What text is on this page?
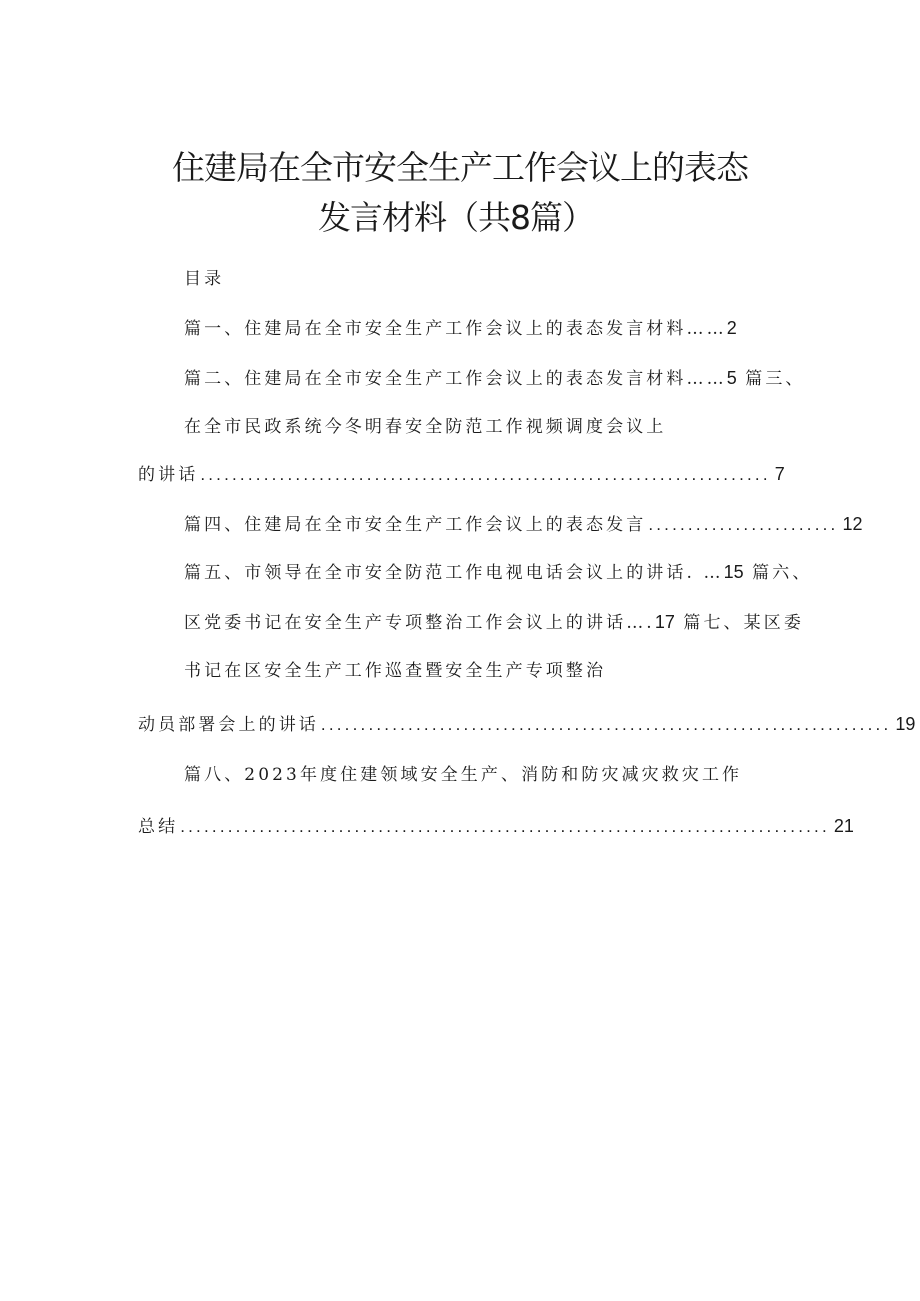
住建局在全市安全生产工作会议上的表态
发言材料（共8篇）
目录
篇一、住建局在全市安全生产工作会议上的表态发言材料……2
篇二、住建局在全市安全生产工作会议上的表态发言材料……5 篇三、
在全市民政系统今冬明春安全防范工作视频调度会议上
的讲话 ........................................................................ 7
篇四、住建局在全市安全生产工作会议上的表态发言 ........................ 12
篇五、市领导在全市安全防范工作电视电话会议上的讲话. …15 篇六、
区党委书记在安全生产专项整治工作会议上的讲话….17 篇七、某区委
书记在区安全生产工作巡查暨安全生产专项整治
动员部署会上的讲话 ........................................................................ 19
篇八、2023年度住建领域安全生产、消防和防灾减灾救灾工作
总结 .................................................................................. 21
